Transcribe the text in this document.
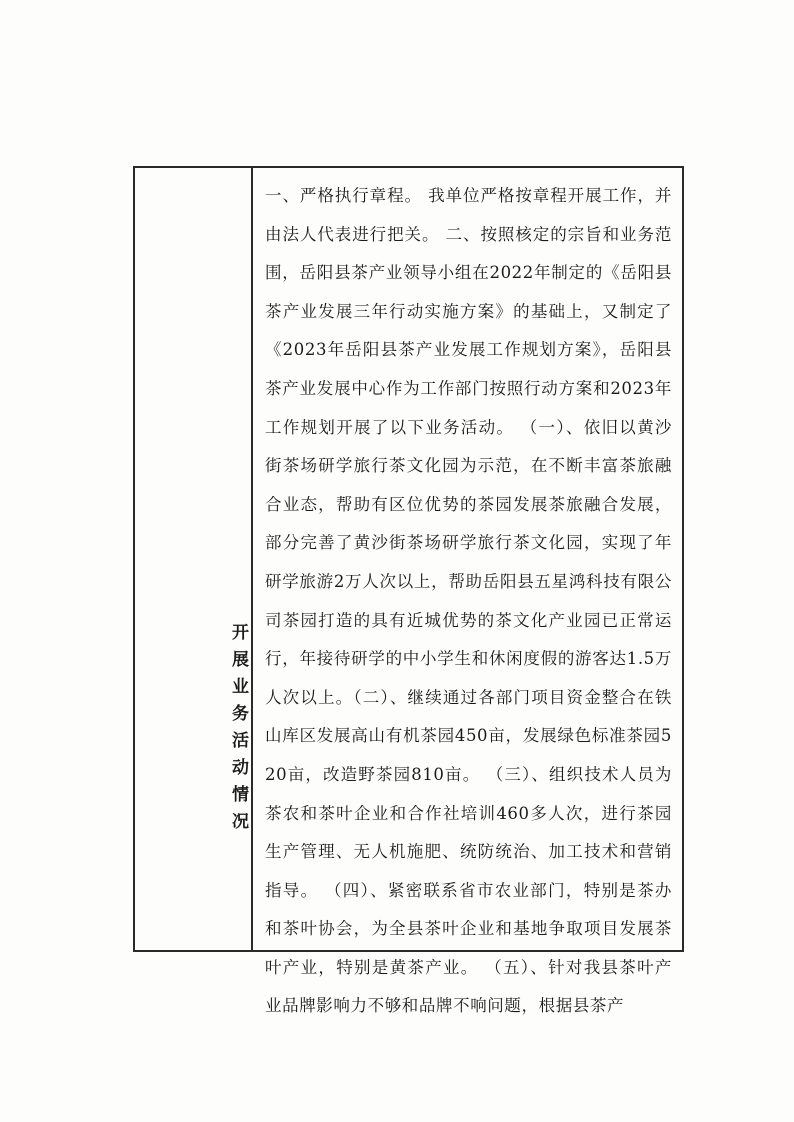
开展业务活动情况

一、严格执行章程。 我单位严格按章程开展工作，并由法人代表进行把关。 二、按照核定的宗旨和业务范围，岳阳县茶产业领导小组在2022年制定的《岳阳县茶产业发展三年行动实施方案》的基础上，又制定了《2023年岳阳县茶产业发展工作规划方案》，岳阳县茶产业发展中心作为工作部门按照行动方案和2023年工作规划开展了以下业务活动。 （一）、依旧以黄沙街茶场研学旅行茶文化园为示范，在不断丰富茶旅融合业态，帮助有区位优势的茶园发展茶旅融合发展，部分完善了黄沙街茶场研学旅行茶文化园，实现了年研学旅游2万人次以上，帮助岳阳县五星鸿科技有限公司茶园打造的具有近城优势的茶文化产业园已正常运行，年接待研学的中小学生和休闲度假的游客达1.5万人次以上。（二）、继续通过各部门项目资金整合在铁山库区发展高山有机茶园450亩，发展绿色标准茶园520亩，改造野茶园810亩。 （三）、组织技术人员为茶农和茶叶企业和合作社培训460多人次，进行茶园生产管理、无人机施肥、统防统治、加工技术和营销指导。 （四）、紧密联系省市农业部门，特别是茶办和茶叶协会，为全县茶叶企业和基地争取项目发展茶叶产业，特别是黄茶产业。 （五）、针对我县茶叶产业品牌影响力不够和品牌不响问题，根据县茶产
